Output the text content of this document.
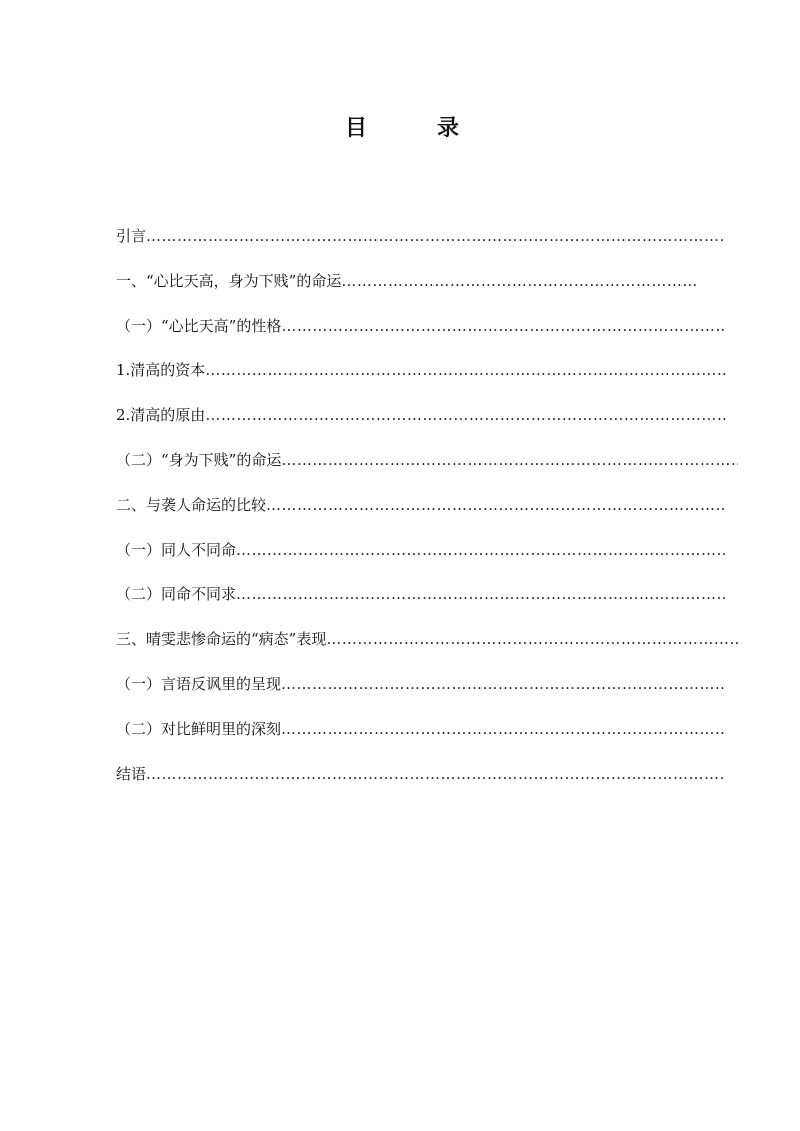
目　录
引言
…………………………………………………………………………………………………………………………………………………………………………………………………………………
一、“心比天高，身为下贱”的命运
…………………………………………………………………………………………………………………………………………………………………………………………………………………
（一）“心比天高”的性格
…………………………………………………………………………………………………………………………………………………………………………………………………………………
1.清高的资本
…………………………………………………………………………………………………………………………………………………………………………………………………………………
2.清高的原由
…………………………………………………………………………………………………………………………………………………………………………………………………………………
（二）“身为下贱”的命运
…………………………………………………………………………………………………………………………………………………………………………………………………………………
二、与袭人命运的比较
…………………………………………………………………………………………………………………………………………………………………………………………………………………
（一）同人不同命
…………………………………………………………………………………………………………………………………………………………………………………………………………………
（二）同命不同求
…………………………………………………………………………………………………………………………………………………………………………………………………………………
三、晴雯悲惨命运的“病态”表现
…………………………………………………………………………………………………………………………………………………………………………………………………………………
（一）言语反讽里的呈现
…………………………………………………………………………………………………………………………………………………………………………………………………………………
（二）对比鲜明里的深刻
…………………………………………………………………………………………………………………………………………………………………………………………………………………
结语
…………………………………………………………………………………………………………………………………………………………………………………………………………………
